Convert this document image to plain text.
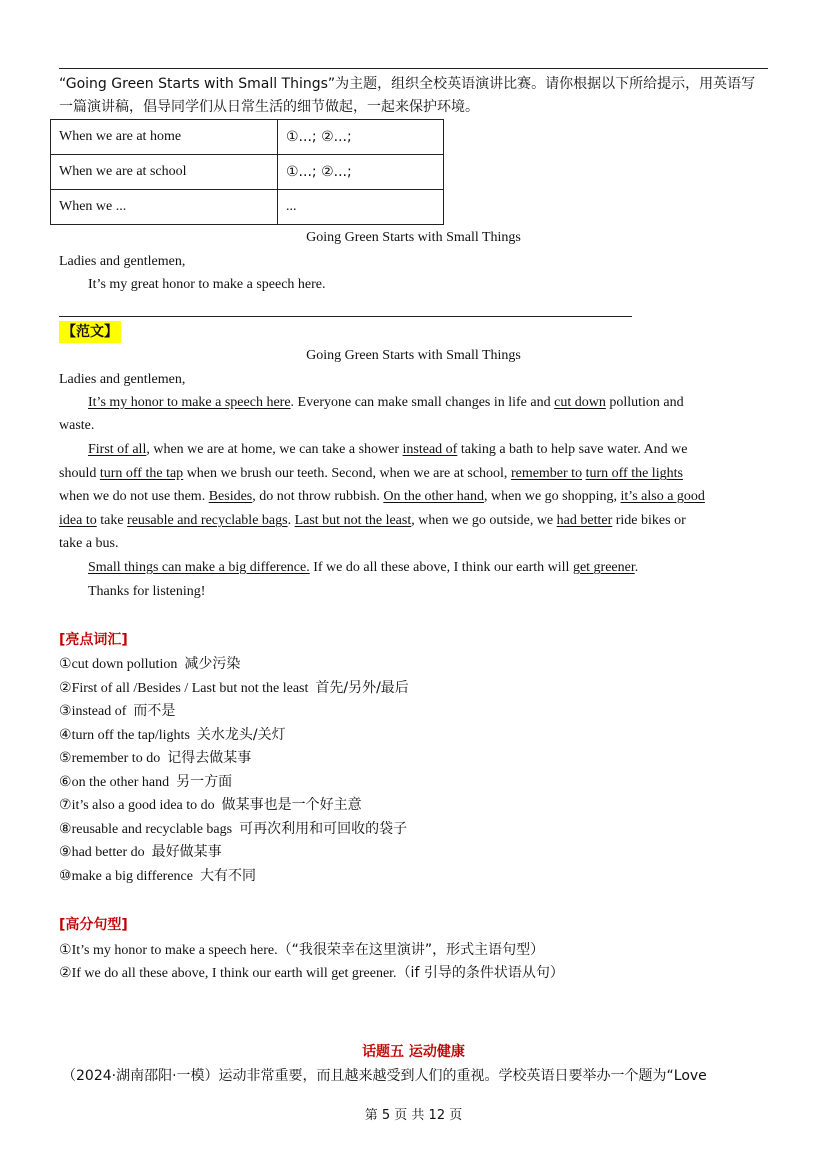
“Going Green Starts with Small Things”为主题，组织全校英语演讲比赛。请你根据以下所给提示，用英语写
一篇演讲稿，倡导同学们从日常生活的细节做起，一起来保护环境。
When we are at home	①...; ②...;
When we are at school	①...; ②...;
When we ...	...
Going Green Starts with Small Things
Ladies and gentlemen,
It’s my great honor to make a speech here.
【范文】
Going Green Starts with Small Things
Ladies and gentlemen,
It’s my honor to make a speech here. Everyone can make small changes in life and cut down pollution and
waste.
First of all, when we are at home, we can take a shower instead of taking a bath to help save water. And we
should turn off the tap when we brush our teeth. Second, when we are at school, remember to turn off the lights
when we do not use them. Besides, do not throw rubbish. On the other hand, when we go shopping, it’s also a good
idea to take reusable and recyclable bags. Last but not the least, when we go outside, we had better ride bikes or
take a bus.
Small things can make a big difference. If we do all these above, I think our earth will get greener.
Thanks for listening!
[亮点词汇]
①cut down pollution 减少污染
②First of all /Besides / Last but not the least 首先/另外/最后
③instead of 而不是
④turn off the tap/lights 关水龙头/关灯
⑤remember to do 记得去做某事
⑥on the other hand 另一方面
⑦it’s also a good idea to do 做某事也是一个好主意
⑧reusable and recyclable bags 可再次利用和可回收的袋子
⑨had better do 最好做某事
⑩make a big difference 大有不同
[高分句型]
①It’s my honor to make a speech here.（“我很荣幸在这里演讲”，形式主语句型）
②If we do all these above, I think our earth will get greener.（if 引导的条件状语从句）
话题五 运动健康
（2024·湖南邵阳·一模）运动非常重要，而且越来越受到人们的重视。学校英语日要举办一个题为“Love
第 5 页 共 12 页
